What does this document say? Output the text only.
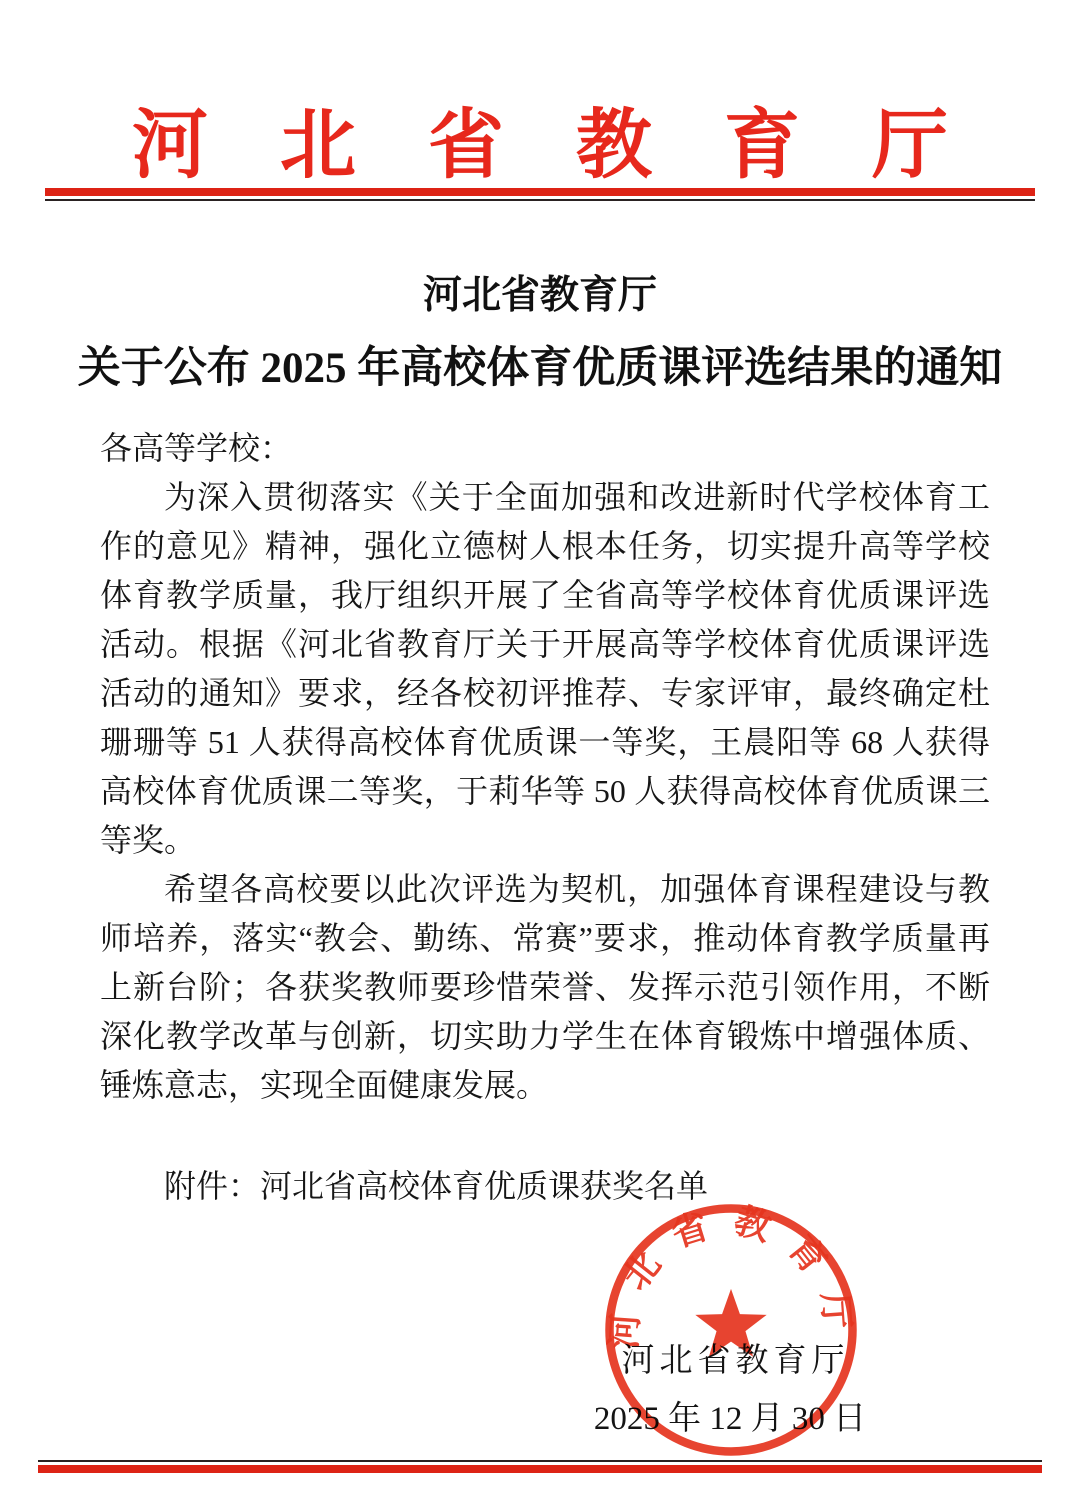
河北省教育厅
河北省教育厅
关于公布 2025 年高校体育优质课评选结果的通知

各高等学校：

为深入贯彻落实《关于全面加强和改进新时代学校体育工作的意见》精神，强化立德树人根本任务，切实提升高等学校体育教学质量，我厅组织开展了全省高等学校体育优质课评选活动。根据《河北省教育厅关于开展高等学校体育优质课评选活动的通知》要求，经各校初评推荐、专家评审，最终确定杜珊珊等 51 人获得高校体育优质课一等奖，王晨阳等 68 人获得高校体育优质课二等奖，于莉华等 50 人获得高校体育优质课三等奖。

希望各高校要以此次评选为契机，加强体育课程建设与教师培养，落实“教会、勤练、常赛”要求，推动体育教学质量再上新台阶；各获奖教师要珍惜荣誉、发挥示范引领作用，不断深化教学改革与创新，切实助力学生在体育锻炼中增强体质、锤炼意志，实现全面健康发展。

附件：河北省高校体育优质课获奖名单

河北省教育厅
2025 年 12 月 30 日
河北省教育厅
